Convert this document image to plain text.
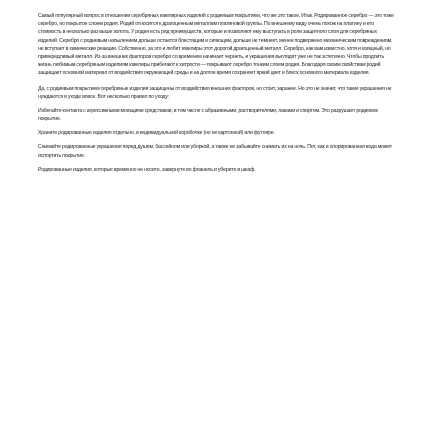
Самый популярный вопрос в отношении серебряных ювелирных изделий с родиевым покрытием, что же это такое. Итак. Родированное серебро — это тоже серебро, но покрытое слоем родия. Родий относится к драгоценным металлам платиновой группы. По внешнему виду очень похож на платину и его стоимость в несколько раз выше золота. У родия есть ряд преимуществ, которые и позволяют ему выступать в роли защитного слоя для серебряных изделий. Серебро с родиевым напылением дольше остается блестящим и сияющим, дольше не темнеет, менее подвержено механическим повреждениям, не вступает в химические реакции. Собственно, за это и любят ювелиры этот дорогой драгоценный металл. Серебро, как вам известно, хотя и изящный, но привередливый металл. Из-за внешних факторов серебро со временем начинает чернеть, и украшения выглядят уже не так эстетично. Чтобы продлить жизнь любимым серебряным изделиям ювелиры прибегают к хитрости — покрывают серебро тонким слоем родия. Благодаря своим свойствам родий защищает основной материал от воздействия окружающей среды и на долгое время сохраняет яркий цвет и блеск основного материала изделия.

Да, с родиевым покрытием серебряные изделия защищены от воздействия внешних факторов, но стоит, заранее. Но это не значит, что такие украшения не нуждаются в уходе вовсе. Вот несколько правил по уходу:

Избегайте контакта с агрессивными моющими средствами, в том числе с абразивными, растворителями, лаками и спиртом. Это разрушает родиевое покрытие.

Храните родированные изделия отдельно, в индивидуальной коробочке (но не картонной) или футляре.

Снимайте родированные украшения перед душем, бассейном или уборкой, а также не забывайте снимать их на ночь. Пот, как и хлорированная вода может испортить покрытие.

Родированные изделия, которые временно не носите, завернуте во фланель и уберите в шкаф.
